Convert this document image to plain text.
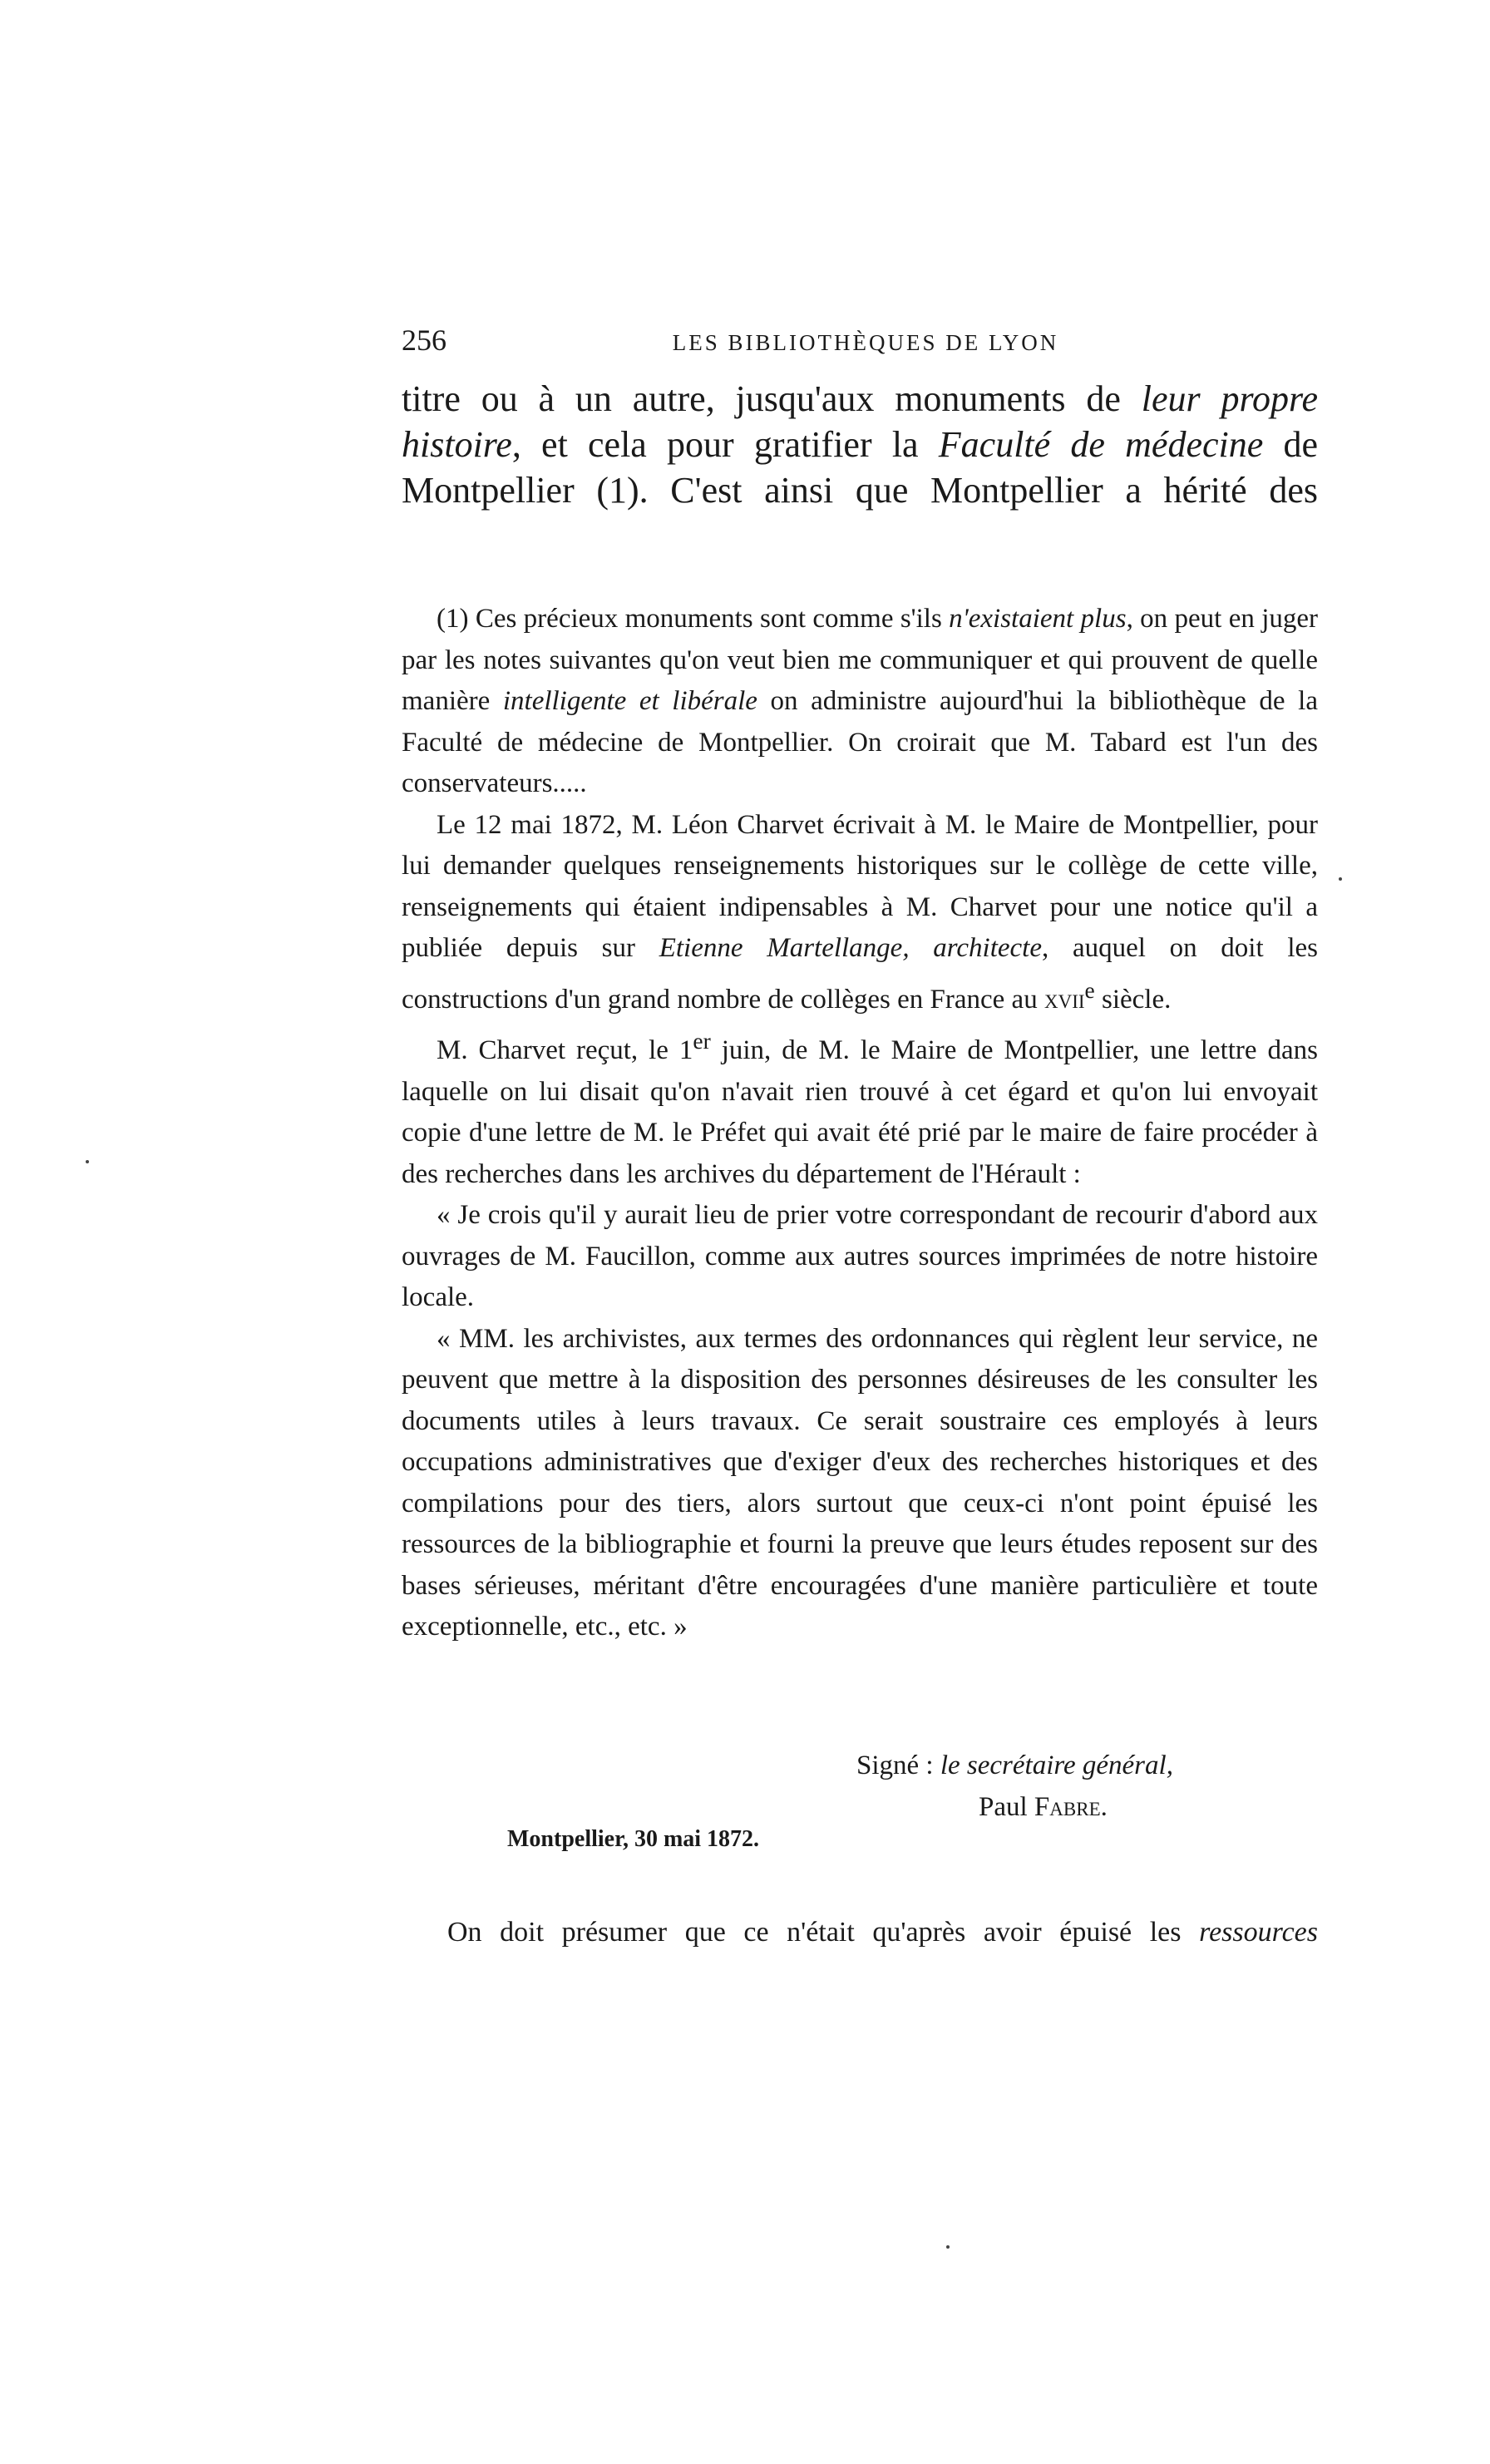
256	LES BIBLIOTHÈQUES DE LYON
titre ou à un autre, jusqu'aux monuments de leur propre
histoire, et cela pour gratifier la Faculté de médecine de
Montpellier (1). C'est ainsi que Montpellier a hérité des

(1) Ces précieux monuments sont comme s'ils n'existaient plus, on peut en juger par les notes suivantes qu'on veut bien me communiquer et qui prouvent de quelle manière intelligente et libérale on administre aujourd'hui la bibliothèque de la Faculté de médecine de Montpellier. On croirait que M. Tabard est l'un des conservateurs.....

Le 12 mai 1872, M. Léon Charvet écrivait à M. le Maire de Montpellier, pour lui demander quelques renseignements historiques sur le collège de cette ville, renseignements qui étaient indipensables à M. Charvet pour une notice qu'il a publiée depuis sur Etienne Martellange, architecte, auquel on doit les constructions d'un grand nombre de collèges en France au xvii$^e$ siècle.

M. Charvet reçut, le 1er juin, de M. le Maire de Montpellier, une lettre dans laquelle on lui disait qu'on n'avait rien trouvé à cet égard et qu'on lui envoyait copie d'une lettre de M. le Préfet qui avait été prié par le maire de faire procéder à des recherches dans les archives du département de l'Hérault :

« Je crois qu'il y aurait lieu de prier votre correspondant de recourir d'abord aux ouvrages de M. Faucillon, comme aux autres sources imprimées de notre histoire locale.

« MM. les archivistes, aux termes des ordonnances qui règlent leur service, ne peuvent que mettre à la disposition des personnes désireuses de les consulter les documents utiles à leurs travaux. Ce serait soustraire ces employés à leurs occupations administratives que d'exiger d'eux des recherches historiques et des compilations pour des tiers, alors surtout que ceux-ci n'ont point épuisé les ressources de la bibliographie et fourni la preuve que leurs études reposent sur des bases sérieuses, méritant d'être encouragées d'une manière particulière et toute exceptionnelle, etc., etc. »

Signé : le secrétaire général,
Paul Fabre.
Montpellier, 30 mai 1872.
On doit présumer que ce n'était qu'après avoir épuisé les ressources
